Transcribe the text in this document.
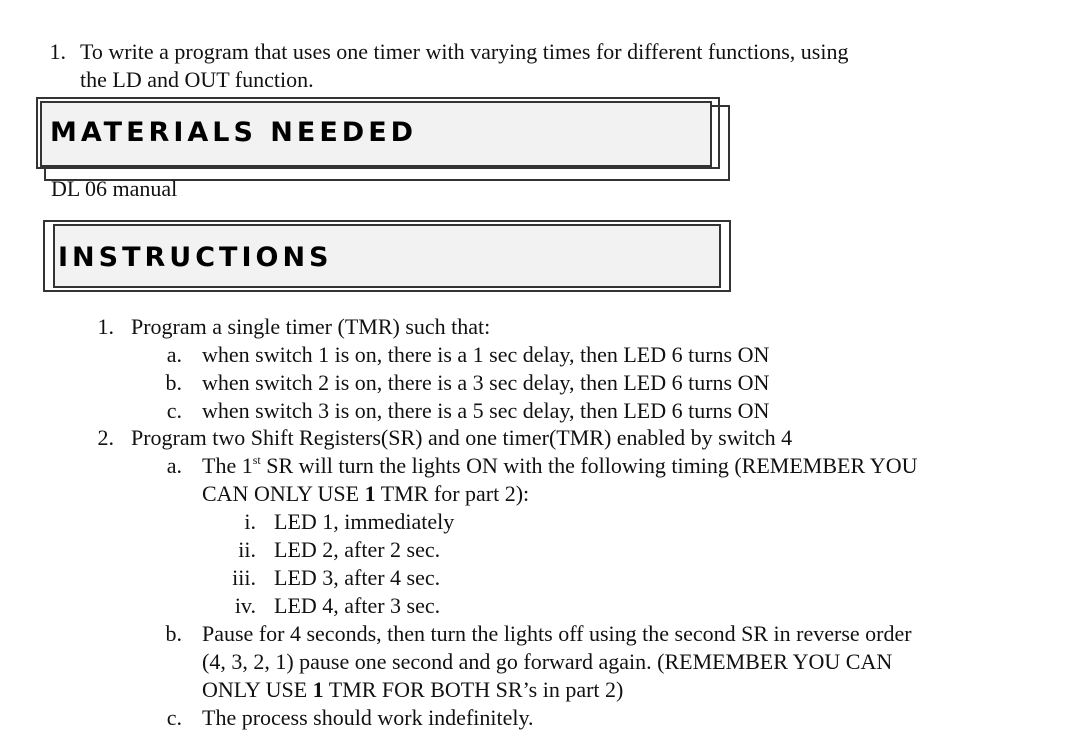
1. To write a program that uses one timer with varying times for different functions, using
the LD and OUT function.
MATERIALS NEEDED
DL 06 manual
INSTRUCTIONS
1. Program a single timer (TMR) such that:
a. when switch 1 is on, there is a 1 sec delay, then LED 6 turns ON
b. when switch 2 is on, there is a 3 sec delay, then LED 6 turns ON
c. when switch 3 is on, there is a 5 sec delay, then LED 6 turns ON
2. Program two Shift Registers(SR) and one timer(TMR) enabled by switch 4
a. The 1st SR will turn the lights ON with the following timing (REMEMBER YOU
CAN ONLY USE 1 TMR for part 2):
i. LED 1, immediately
ii. LED 2, after 2 sec.
iii. LED 3, after 4 sec.
iv. LED 4, after 3 sec.
b. Pause for 4 seconds, then turn the lights off using the second SR in reverse order
(4, 3, 2, 1) pause one second and go forward again. (REMEMBER YOU CAN
ONLY USE 1 TMR FOR BOTH SR’s in part 2)
c. The process should work indefinitely.
